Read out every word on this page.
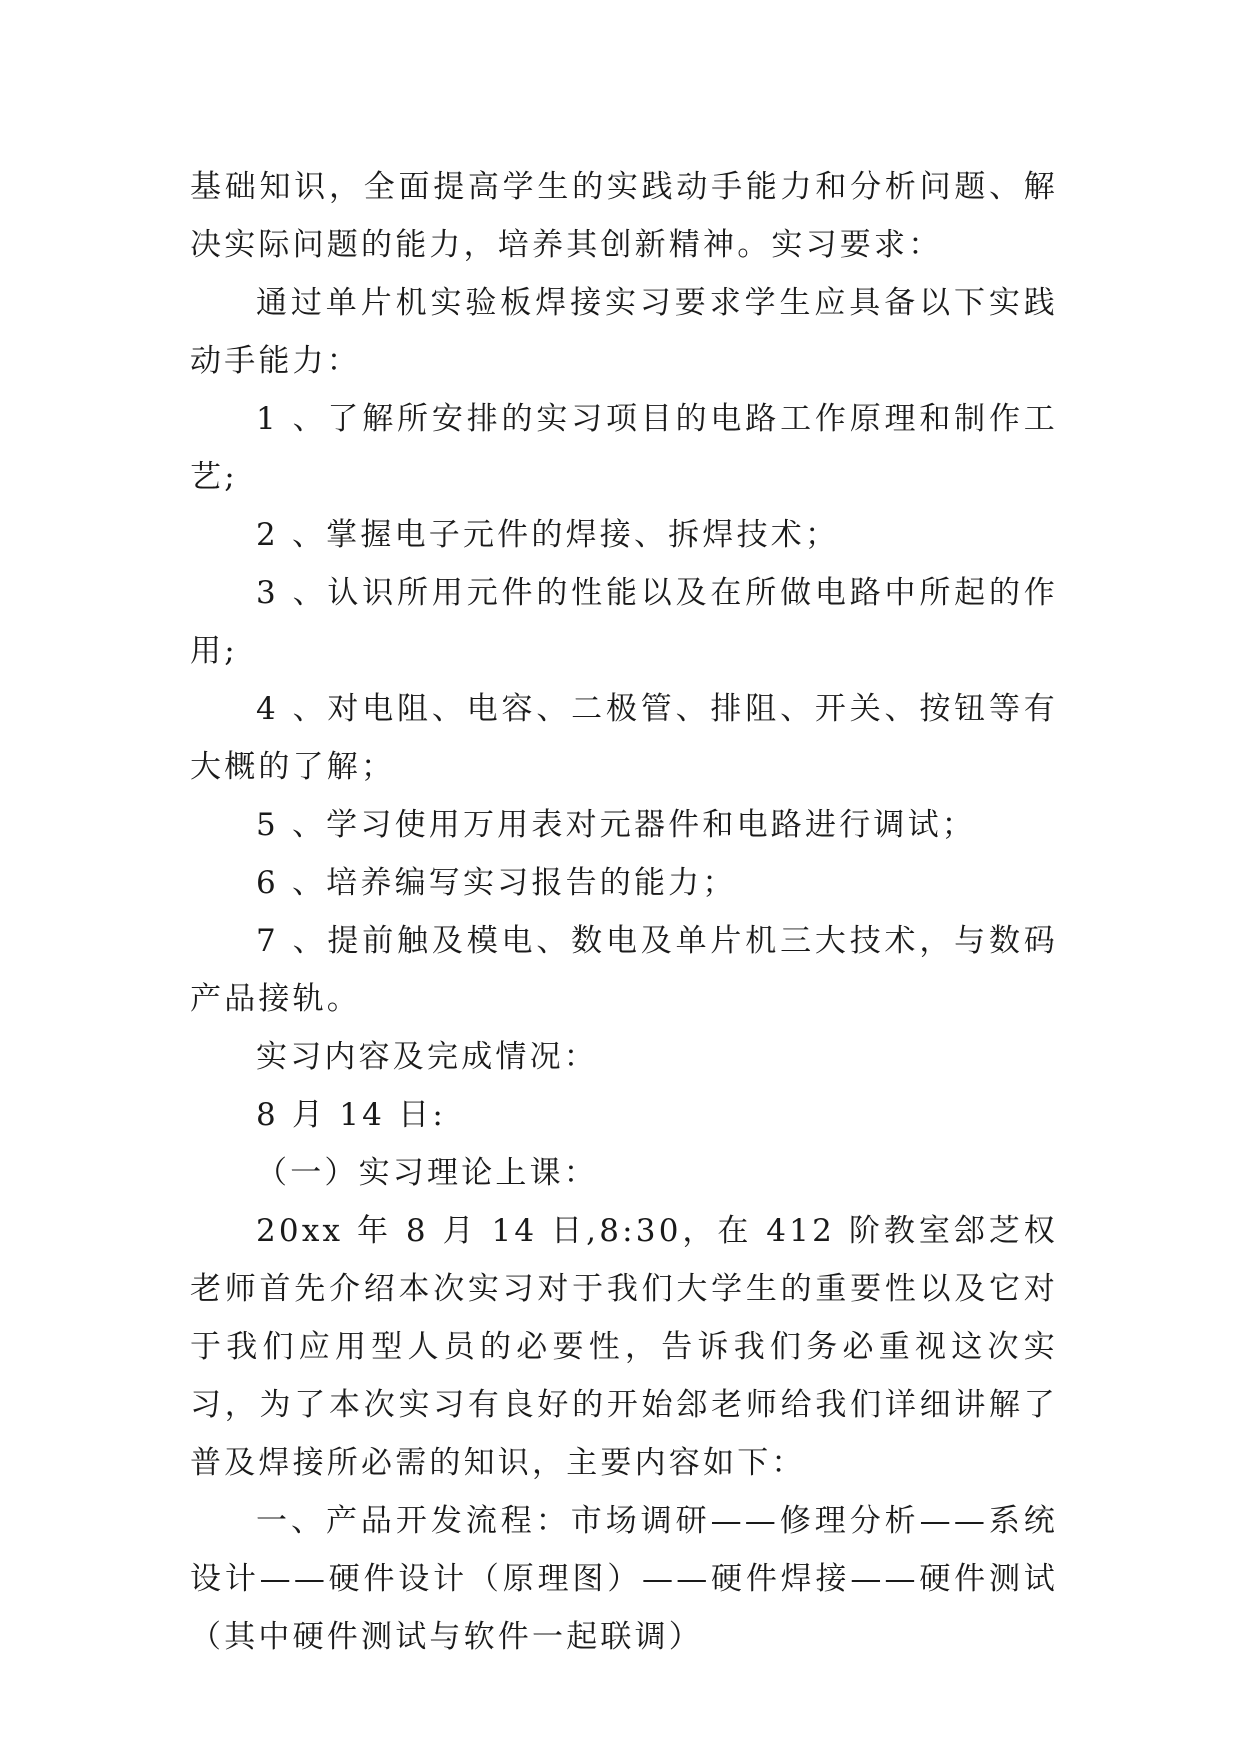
基础知识，全面提高学生的实践动手能力和分析问题、解决实际问题的能力，培养其创新精神。实习要求：

通过单片机实验板焊接实习要求学生应具备以下实践动手能力：

1 、了解所安排的实习项目的电路工作原理和制作工艺;

2 、掌握电子元件的焊接、拆焊技术；

3 、认识所用元件的性能以及在所做电路中所起的作用;

4 、对电阻、电容、二极管、排阻、开关、按钮等有大概的了解；

5 、学习使用万用表对元器件和电路进行调试；

6 、培养编写实习报告的能力；

7 、提前触及模电、数电及单片机三大技术，与数码产品接轨。

实习内容及完成情况：

8 月 14 日:

（一）实习理论上课：

20xx 年 8 月 14 日,8:30，在 412 阶教室郐芝权老师首先介绍本次实习对于我们大学生的重要性以及它对于我们应用型人员的必要性，告诉我们务必重视这次实习，为了本次实习有良好的开始郐老师给我们详细讲解了普及焊接所必需的知识，主要内容如下：

一、产品开发流程：市场调研——修理分析——系统设计——硬件设计（原理图）——硬件焊接——硬件测试（其中硬件测试与软件一起联调）
